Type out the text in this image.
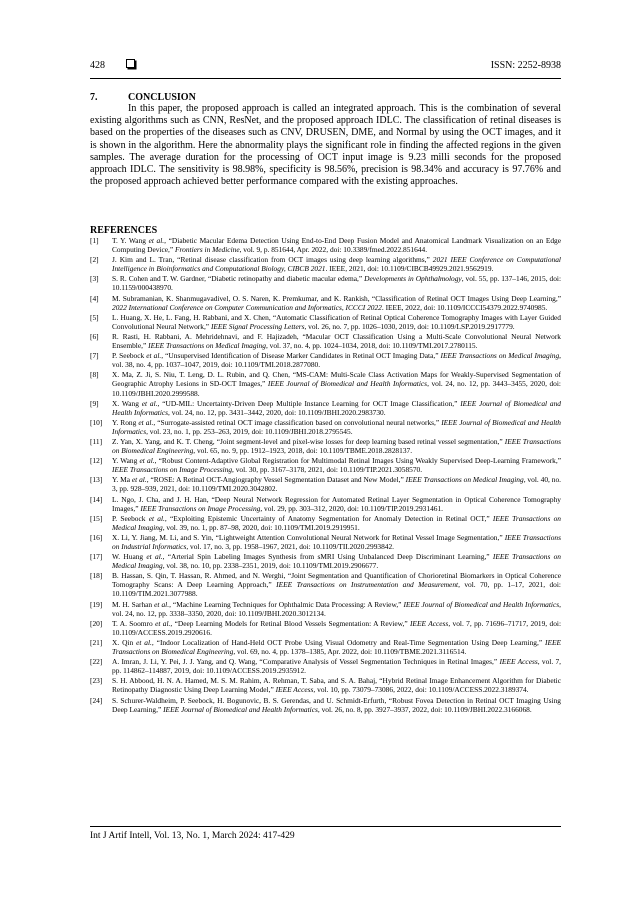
428	ISSN: 2252-8938
7.	CONCLUSION

In this paper, the proposed approach is called an integrated approach. This is the combination of several existing algorithms such as CNN, ResNet, and the proposed approach IDLC. The classification of retinal diseases is based on the properties of the diseases such as CNV, DRUSEN, DME, and Normal by using the OCT images, and it is shown in the algorithm. Here the abnormality plays the significant role in finding the affected regions in the given samples. The average duration for the processing of OCT input image is 9.23 milli seconds for the proposed approach IDLC. The sensitivity is 98.98%, specificity is 98.56%, precision is 98.34% and accuracy is 97.76% and the proposed approach achieved better performance compared with the existing approaches.

REFERENCES
[1] T. Y. Wang et al., “Diabetic Macular Edema Detection Using End-to-End Deep Fusion Model and Anatomical Landmark Visualization on an Edge Computing Device,” Frontiers in Medicine, vol. 9, p. 851644, Apr. 2022, doi: 10.3389/fmed.2022.851644.
[2] J. Kim and L. Tran, “Retinal disease classification from OCT images using deep learning algorithms,” 2021 IEEE Conference on Computational Intelligence in Bioinformatics and Computational Biology, CIBCB 2021. IEEE, 2021, doi: 10.1109/CIBCB49929.2021.9562919.
[3] S. R. Cohen and T. W. Gardner, “Diabetic retinopathy and diabetic macular edema,” Developments in Ophthalmology, vol. 55, pp. 137–146, 2015, doi: 10.1159/000438970.
[4] M. Subramanian, K. Shanmugavadivel, O. S. Naren, K. Premkumar, and K. Rankish, “Classification of Retinal OCT Images Using Deep Learning,” 2022 International Conference on Computer Communication and Informatics, ICCCI 2022. IEEE, 2022, doi: 10.1109/ICCCI54379.2022.9740985.
[5] L. Huang, X. He, L. Fang, H. Rabbani, and X. Chen, “Automatic Classification of Retinal Optical Coherence Tomography Images with Layer Guided Convolutional Neural Network,” IEEE Signal Processing Letters, vol. 26, no. 7, pp. 1026–1030, 2019, doi: 10.1109/LSP.2019.2917779.
[6] R. Rasti, H. Rabbani, A. Mehridehnavi, and F. Hajizadeh, “Macular OCT Classification Using a Multi-Scale Convolutional Neural Network Ensemble,” IEEE Transactions on Medical Imaging, vol. 37, no. 4, pp. 1024–1034, 2018, doi: 10.1109/TMI.2017.2780115.
[7] P. Seebock et al., “Unsupervised Identification of Disease Marker Candidates in Retinal OCT Imaging Data,” IEEE Transactions on Medical Imaging, vol. 38, no. 4, pp. 1037–1047, 2019, doi: 10.1109/TMI.2018.2877080.
[8] X. Ma, Z. Ji, S. Niu, T. Leng, D. L. Rubin, and Q. Chen, “MS-CAM: Multi-Scale Class Activation Maps for Weakly-Supervised Segmentation of Geographic Atrophy Lesions in SD-OCT Images,” IEEE Journal of Biomedical and Health Informatics, vol. 24, no. 12, pp. 3443–3455, 2020, doi: 10.1109/JBHI.2020.2999588.
[9] X. Wang et al., “UD-MIL: Uncertainty-Driven Deep Multiple Instance Learning for OCT Image Classification,” IEEE Journal of Biomedical and Health Informatics, vol. 24, no. 12, pp. 3431–3442, 2020, doi: 10.1109/JBHI.2020.2983730.
[10] Y. Rong et al., “Surrogate-assisted retinal OCT image classification based on convolutional neural networks,” IEEE Journal of Biomedical and Health Informatics, vol. 23, no. 1, pp. 253–263, 2019, doi: 10.1109/JBHI.2018.2795545.
[11] Z. Yan, X. Yang, and K. T. Cheng, “Joint segment-level and pixel-wise losses for deep learning based retinal vessel segmentation,” IEEE Transactions on Biomedical Engineering, vol. 65, no. 9, pp. 1912–1923, 2018, doi: 10.1109/TBME.2018.2828137.
[12] Y. Wang et al., “Robust Content-Adaptive Global Registration for Multimodal Retinal Images Using Weakly Supervised Deep-Learning Framework,” IEEE Transactions on Image Processing, vol. 30, pp. 3167–3178, 2021, doi: 10.1109/TIP.2021.3058570.
[13] Y. Ma et al., “ROSE: A Retinal OCT-Angiography Vessel Segmentation Dataset and New Model,” IEEE Transactions on Medical Imaging, vol. 40, no. 3, pp. 928–939, 2021, doi: 10.1109/TMI.2020.3042802.
[14] L. Ngo, J. Cha, and J. H. Han, “Deep Neural Network Regression for Automated Retinal Layer Segmentation in Optical Coherence Tomography Images,” IEEE Transactions on Image Processing, vol. 29, pp. 303–312, 2020, doi: 10.1109/TIP.2019.2931461.
[15] P. Seebock et al., “Exploiting Epistemic Uncertainty of Anatomy Segmentation for Anomaly Detection in Retinal OCT,” IEEE Transactions on Medical Imaging, vol. 39, no. 1, pp. 87–98, 2020, doi: 10.1109/TMI.2019.2919951.
[16] X. Li, Y. Jiang, M. Li, and S. Yin, “Lightweight Attention Convolutional Neural Network for Retinal Vessel Image Segmentation,” IEEE Transactions on Industrial Informatics, vol. 17, no. 3, pp. 1958–1967, 2021, doi: 10.1109/TII.2020.2993842.
[17] W. Huang et al., “Arterial Spin Labeling Images Synthesis from sMRI Using Unbalanced Deep Discriminant Learning,” IEEE Transactions on Medical Imaging, vol. 38, no. 10, pp. 2338–2351, 2019, doi: 10.1109/TMI.2019.2906677.
[18] B. Hassan, S. Qin, T. Hassan, R. Ahmed, and N. Werghi, “Joint Segmentation and Quantification of Chorioretinal Biomarkers in Optical Coherence Tomography Scans: A Deep Learning Approach,” IEEE Transactions on Instrumentation and Measurement, vol. 70, pp. 1–17, 2021, doi: 10.1109/TIM.2021.3077988.
[19] M. H. Sarhan et al., “Machine Learning Techniques for Ophthalmic Data Processing: A Review,” IEEE Journal of Biomedical and Health Informatics, vol. 24, no. 12, pp. 3338–3350, 2020, doi: 10.1109/JBHI.2020.3012134.
[20] T. A. Soomro et al., “Deep Learning Models for Retinal Blood Vessels Segmentation: A Review,” IEEE Access, vol. 7, pp. 71696–71717, 2019, doi: 10.1109/ACCESS.2019.2920616.
[21] X. Qin et al., “Indoor Localization of Hand-Held OCT Probe Using Visual Odometry and Real-Time Segmentation Using Deep Learning,” IEEE Transactions on Biomedical Engineering, vol. 69, no. 4, pp. 1378–1385, Apr. 2022, doi: 10.1109/TBME.2021.3116514.
[22] A. Imran, J. Li, Y. Pei, J. J. Yang, and Q. Wang, “Comparative Analysis of Vessel Segmentation Techniques in Retinal Images,” IEEE Access, vol. 7, pp. 114862–114887, 2019, doi: 10.1109/ACCESS.2019.2935912.
[23] S. H. Abbood, H. N. A. Hamed, M. S. M. Rahim, A. Rehman, T. Saba, and S. A. Bahaj, “Hybrid Retinal Image Enhancement Algorithm for Diabetic Retinopathy Diagnostic Using Deep Learning Model,” IEEE Access, vol. 10, pp. 73079–73086, 2022, doi: 10.1109/ACCESS.2022.3189374.
[24] S. Schurer-Waldheim, P. Seebock, H. Bogunovic, B. S. Gerendas, and U. Schmidt-Erfurth, “Robust Fovea Detection in Retinal OCT Imaging Using Deep Learning,” IEEE Journal of Biomedical and Health Informatics, vol. 26, no. 8, pp. 3927–3937, 2022, doi: 10.1109/JBHI.2022.3166068.
Int J Artif Intell, Vol. 13, No. 1, March 2024: 417-429
